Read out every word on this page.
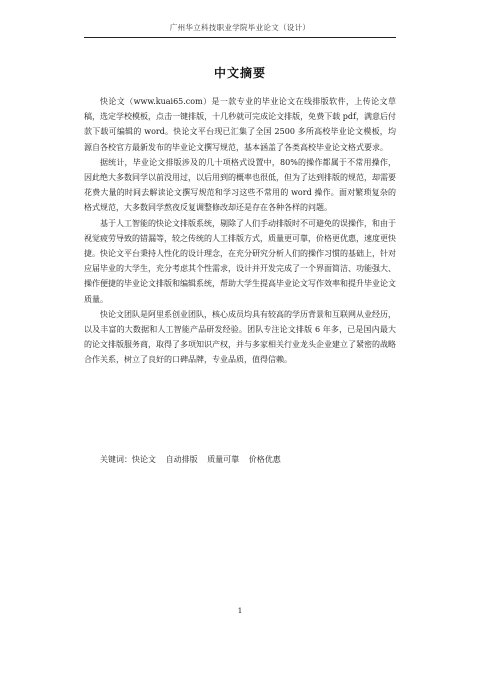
广州华立科技职业学院毕业论文（设计）
中文摘要

快论文（www.kuai65.com）是一款专业的毕业论文在线排版软件，上传论文草稿，选定学校模板，点击一键排版，十几秒就可完成论文排版，免费下载 pdf，满意后付款下载可编辑的 word。快论文平台现已汇集了全国 2500 多所高校毕业论文模板，均源自各校官方最新发布的毕业论文撰写规范，基本涵盖了各类高校毕业论文格式要求。

据统计，毕业论文排版涉及的几十项格式设置中，80%的操作都属于不常用操作，因此绝大多数同学以前没用过，以后用到的概率也很低，但为了达到排版的规范，却需要花费大量的时间去解读论文撰写规范和学习这些不常用的 word 操作。面对繁琐复杂的格式规范，大多数同学熬夜反复调整修改却还是存在各种各样的问题。

基于人工智能的快论文排版系统，剔除了人们手动排版时不可避免的误操作，和由于视觉疲劳导致的错漏等，较之传统的人工排版方式，质量更可靠，价格更优惠，速度更快捷。快论文平台秉持人性化的设计理念，在充分研究分析人们的操作习惯的基础上，针对应届毕业的大学生，充分考虑其个性需求，设计并开发完成了一个界面简洁、功能强大、操作便捷的毕业论文排版和编辑系统，帮助大学生提高毕业论文写作效率和提升毕业论文质量。

快论文团队是阿里系创业团队，核心成员均具有较高的学历背景和互联网从业经历，以及丰富的大数据和人工智能产品研发经验。团队专注论文排版 6 年多，已是国内最大的论文排版服务商，取得了多项知识产权，并与多家相关行业龙头企业建立了紧密的战略合作关系，树立了良好的口碑品牌，专业品质，值得信赖。

关键词：快论文 自动排版 质量可靠 价格优惠
1
